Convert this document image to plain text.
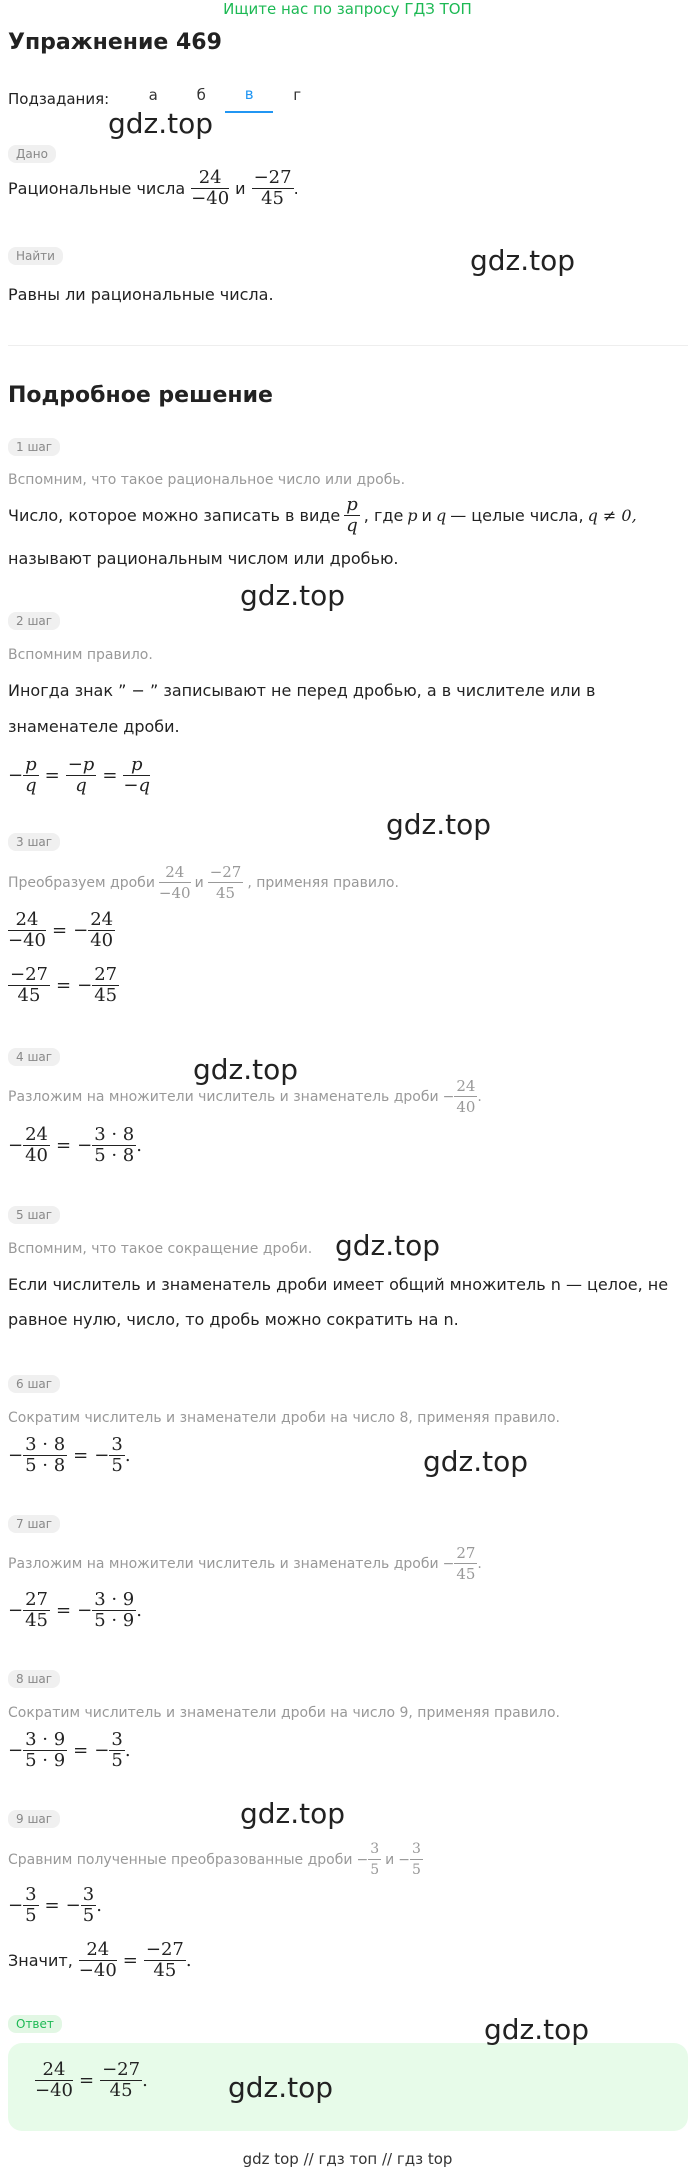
Ищите нас по запросу ГДЗ ТОП
Упражнение 469
Подзадания:	а	б	в	г
Дано
Рациональные числа $\frac{24}{-40}$ и $\frac{-27}{45}$ .
Найти
Равны ли рациональные числа.
Подробное решение
1 шаг
Вспомним, что такое рациональное число или дробь.
Число, которое можно записать в виде $\frac{p}{q}$ , где p и q — целые числа, q ≠ 0,
называют рациональным числом или дробью.
2 шаг
Вспомним правило.
Иногда знак ” − ” записывают не перед дробью, а в числителе или в
знаменателе дроби.
− $\frac{p}{q} = \frac{-p}{q} = \frac{p}{-q}$
3 шаг
Преобразуем дроби $\frac{24}{-40}$ и $\frac{-27}{45}$ , применяя правило.
$\frac{24}{-40}$ = − $\frac{24}{40}$
$\frac{-27}{45}$ = − $\frac{27}{45}$
4 шаг
Разложим на множители числитель и знаменатель дроби − $\frac{24}{40}$ .
− $\frac{24}{40}$ = − $\frac{3 \cdot 8}{5 \cdot 8}$ .
5 шаг
Вспомним, что такое сокращение дроби.
Если числитель и знаменатель дроби имеет общий множитель n — целое, не
равное нулю, число, то дробь можно сократить на n.
6 шаг
Сократим числитель и знаменатели дроби на число 8, применяя правило.
− $\frac{3 \cdot 8}{5 \cdot 8}$ = − $\frac{3}{5}$ .
7 шаг
Разложим на множители числитель и знаменатель дроби − $\frac{27}{45}$ .
− $\frac{27}{45}$ = − $\frac{3 \cdot 9}{5 \cdot 9}$ .
8 шаг
Сократим числитель и знаменатели дроби на число 9, применяя правило.
− $\frac{3 \cdot 9}{5 \cdot 9}$ = − $\frac{3}{5}$ .
9 шаг
Сравним полученные преобразованные дроби − $\frac{3}{5}$ $и - \frac{3}{5}$
− $\frac{3}{5}$ = − $\frac{3}{5}$ .
Значит, $\frac{24}{-40} = \frac{-27}{45}$ .
Ответ
$\frac{24}{-40} = \frac{-27}{45}$ .
gdz.top
gdz.top
gdz.top
gdz.top
gdz.top
gdz.top
gdz.top
gdz.top
gdz.top
gdz.top
gdz top // гдз топ // гдз top
